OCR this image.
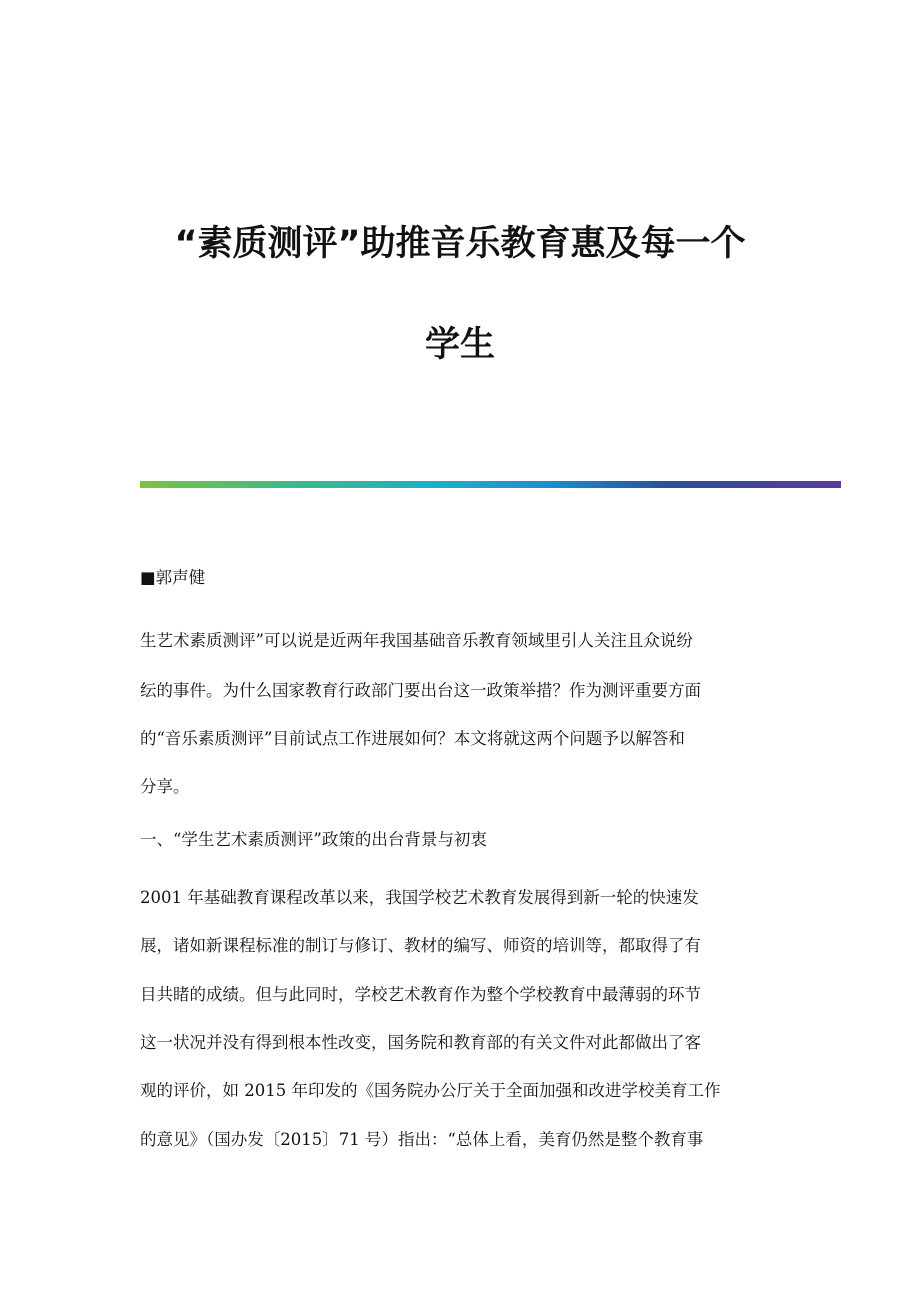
“素质测评”助推音乐教育惠及每一个
学生
■郭声健
生艺术素质测评”可以说是近两年我国基础音乐教育领域里引人关注且众说纷
纭的事件。为什么国家教育行政部门要出台这一政策举措？作为测评重要方面
的“音乐素质测评”目前试点工作进展如何？本文将就这两个问题予以解答和
分享。
一、“学生艺术素质测评”政策的出台背景与初衷
2001 年基础教育课程改革以来，我国学校艺术教育发展得到新一轮的快速发
展，诸如新课程标准的制订与修订、教材的编写、师资的培训等，都取得了有
目共睹的成绩。但与此同时，学校艺术教育作为整个学校教育中最薄弱的环节
这一状况并没有得到根本性改变，国务院和教育部的有关文件对此都做出了客
观的评价，如 2015 年印发的《国务院办公厅关于全面加强和改进学校美育工作
的意见》（国办发〔2015〕71 号）指出：“总体上看，美育仍然是整个教育事
